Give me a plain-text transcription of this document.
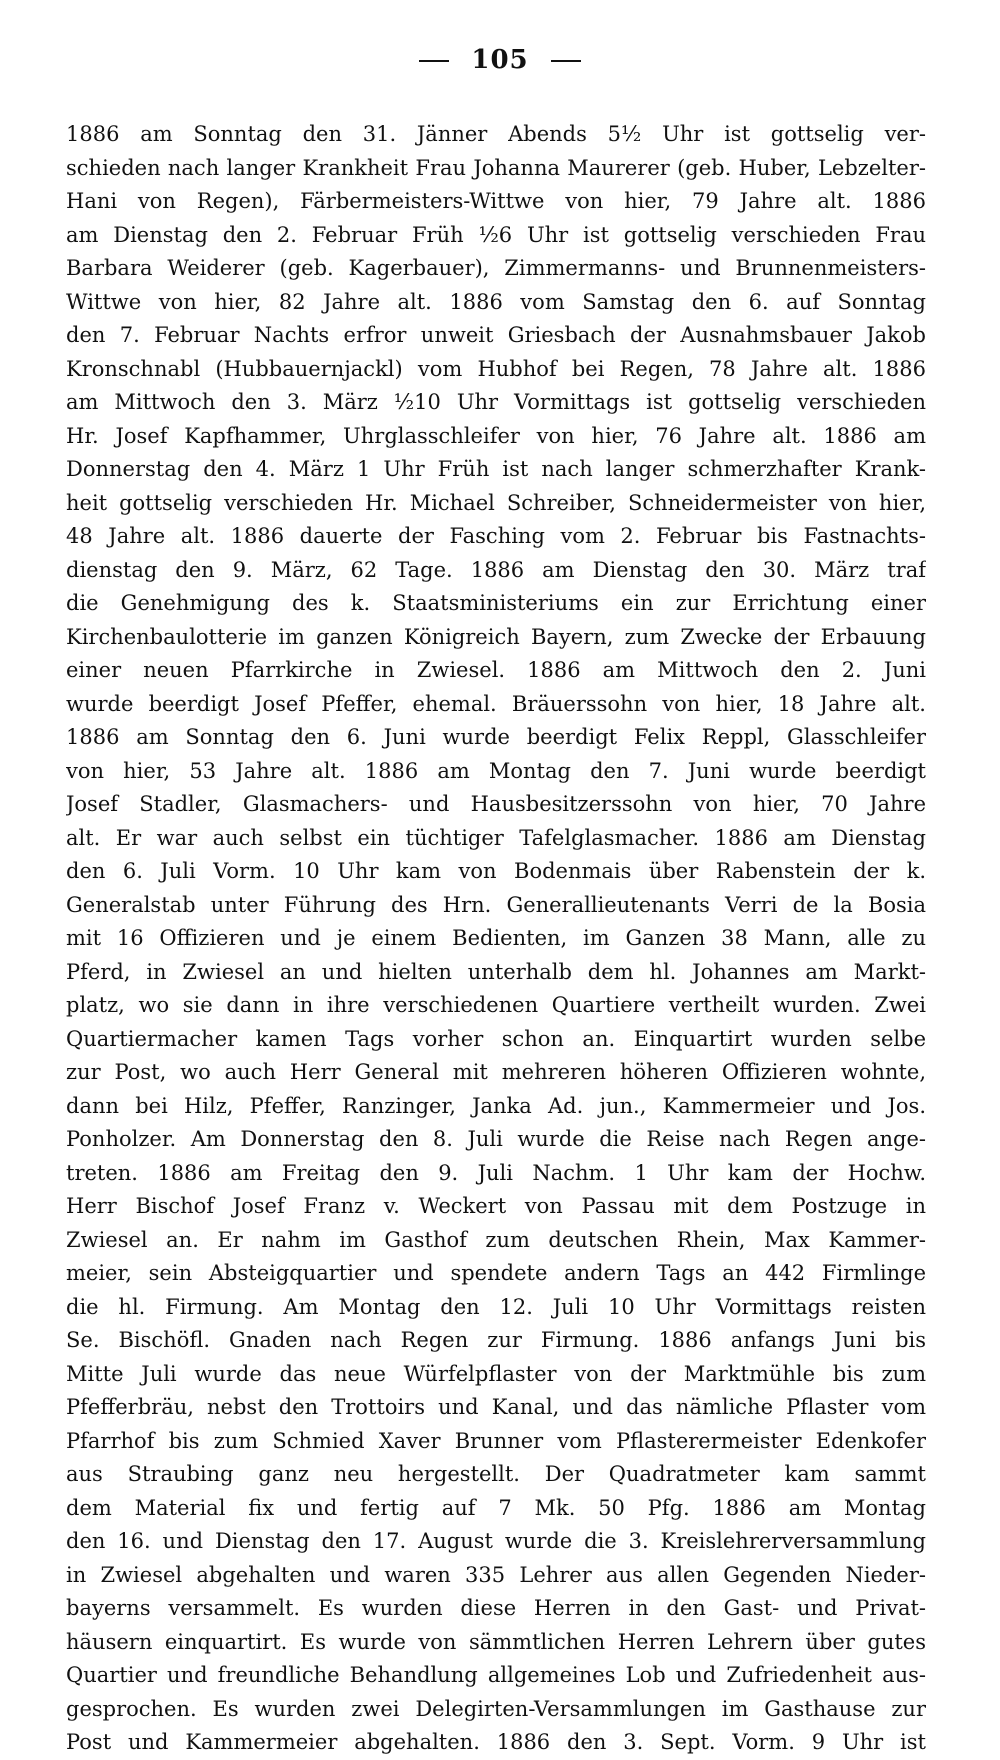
105
1886 am Sonntag den 31. Jänner Abends 5½ Uhr ist gottselig ver-
schieden nach langer Krankheit Frau Johanna Maurerer (geb. Huber, Lebzelter-
Hani von Regen), Färbermeisters-Wittwe von hier, 79 Jahre alt. 1886
am Dienstag den 2. Februar Früh ½6 Uhr ist gottselig verschieden Frau
Barbara Weiderer (geb. Kagerbauer), Zimmermanns- und Brunnenmeisters-
Wittwe von hier, 82 Jahre alt. 1886 vom Samstag den 6. auf Sonntag
den 7. Februar Nachts erfror unweit Griesbach der Ausnahmsbauer Jakob
Kronschnabl (Hubbauernjackl) vom Hubhof bei Regen, 78 Jahre alt. 1886
am Mittwoch den 3. März ½10 Uhr Vormittags ist gottselig verschieden
Hr. Josef Kapfhammer, Uhrglasschleifer von hier, 76 Jahre alt. 1886 am
Donnerstag den 4. März 1 Uhr Früh ist nach langer schmerzhafter Krank-
heit gottselig verschieden Hr. Michael Schreiber, Schneidermeister von hier,
48 Jahre alt. 1886 dauerte der Fasching vom 2. Februar bis Fastnachts-
dienstag den 9. März, 62 Tage. 1886 am Dienstag den 30. März traf
die Genehmigung des k. Staatsministeriums ein zur Errichtung einer
Kirchenbaulotterie im ganzen Königreich Bayern, zum Zwecke der Erbauung
einer neuen Pfarrkirche in Zwiesel. 1886 am Mittwoch den 2. Juni
wurde beerdigt Josef Pfeffer, ehemal. Bräuerssohn von hier, 18 Jahre alt.
1886 am Sonntag den 6. Juni wurde beerdigt Felix Reppl, Glasschleifer
von hier, 53 Jahre alt. 1886 am Montag den 7. Juni wurde beerdigt
Josef Stadler, Glasmachers- und Hausbesitzerssohn von hier, 70 Jahre
alt. Er war auch selbst ein tüchtiger Tafelglasmacher. 1886 am Dienstag
den 6. Juli Vorm. 10 Uhr kam von Bodenmais über Rabenstein der k.
Generalstab unter Führung des Hrn. Generallieutenants Verri de la Bosia
mit 16 Offizieren und je einem Bedienten, im Ganzen 38 Mann, alle zu
Pferd, in Zwiesel an und hielten unterhalb dem hl. Johannes am Markt-
platz, wo sie dann in ihre verschiedenen Quartiere vertheilt wurden. Zwei
Quartiermacher kamen Tags vorher schon an. Einquartirt wurden selbe
zur Post, wo auch Herr General mit mehreren höheren Offizieren wohnte,
dann bei Hilz, Pfeffer, Ranzinger, Janka Ad. jun., Kammermeier und Jos.
Ponholzer. Am Donnerstag den 8. Juli wurde die Reise nach Regen ange-
treten. 1886 am Freitag den 9. Juli Nachm. 1 Uhr kam der Hochw.
Herr Bischof Josef Franz v. Weckert von Passau mit dem Postzuge in
Zwiesel an. Er nahm im Gasthof zum deutschen Rhein, Max Kammer-
meier, sein Absteigquartier und spendete andern Tags an 442 Firmlinge
die hl. Firmung. Am Montag den 12. Juli 10 Uhr Vormittags reisten
Se. Bischöfl. Gnaden nach Regen zur Firmung. 1886 anfangs Juni bis
Mitte Juli wurde das neue Würfelpflaster von der Marktmühle bis zum
Pfefferbräu, nebst den Trottoirs und Kanal, und das nämliche Pflaster vom
Pfarrhof bis zum Schmied Xaver Brunner vom Pflasterermeister Edenkofer
aus Straubing ganz neu hergestellt. Der Quadratmeter kam sammt
dem Material fix und fertig auf 7 Mk. 50 Pfg. 1886 am Montag
den 16. und Dienstag den 17. August wurde die 3. Kreislehrerversammlung
in Zwiesel abgehalten und waren 335 Lehrer aus allen Gegenden Nieder-
bayerns versammelt. Es wurden diese Herren in den Gast- und Privat-
häusern einquartirt. Es wurde von sämmtlichen Herren Lehrern über gutes
Quartier und freundliche Behandlung allgemeines Lob und Zufriedenheit aus-
gesprochen. Es wurden zwei Delegirten-Versammlungen im Gasthause zur
Post und Kammermeier abgehalten. 1886 den 3. Sept. Vorm. 9 Uhr ist
